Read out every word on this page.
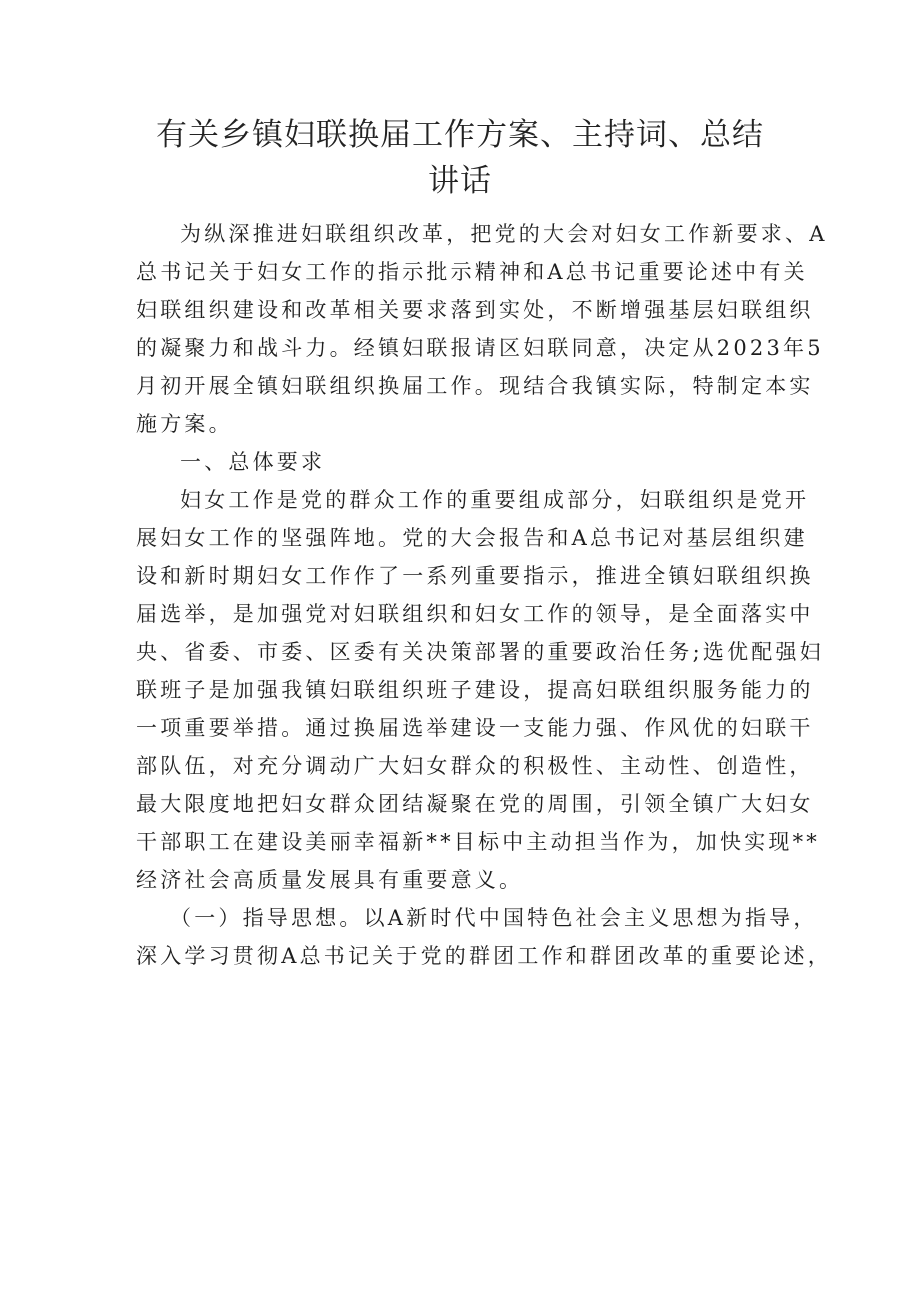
有关乡镇妇联换届工作方案、主持词、总结
讲话
为纵深推进妇联组织改革，把党的大会对妇女工作新要求、A
总书记关于妇女工作的指示批示精神和A总书记重要论述中有关
妇联组织建设和改革相关要求落到实处，不断增强基层妇联组织
的凝聚力和战斗力。经镇妇联报请区妇联同意，决定从2023年5
月初开展全镇妇联组织换届工作。现结合我镇实际，特制定本实
施方案。
一、总体要求
妇女工作是党的群众工作的重要组成部分，妇联组织是党开
展妇女工作的坚强阵地。党的大会报告和A总书记对基层组织建
设和新时期妇女工作作了一系列重要指示，推进全镇妇联组织换
届选举，是加强党对妇联组织和妇女工作的领导，是全面落实中
央、省委、市委、区委有关决策部署的重要政治任务;选优配强妇
联班子是加强我镇妇联组织班子建设，提高妇联组织服务能力的
一项重要举措。通过换届选举建设一支能力强、作风优的妇联干
部队伍，对充分调动广大妇女群众的积极性、主动性、创造性，
最大限度地把妇女群众团结凝聚在党的周围，引领全镇广大妇女
干部职工在建设美丽幸福新**目标中主动担当作为，加快实现**
经济社会高质量发展具有重要意义。
（一）指导思想。以A新时代中国特色社会主义思想为指导，
深入学习贯彻A总书记关于党的群团工作和群团改革的重要论述，
